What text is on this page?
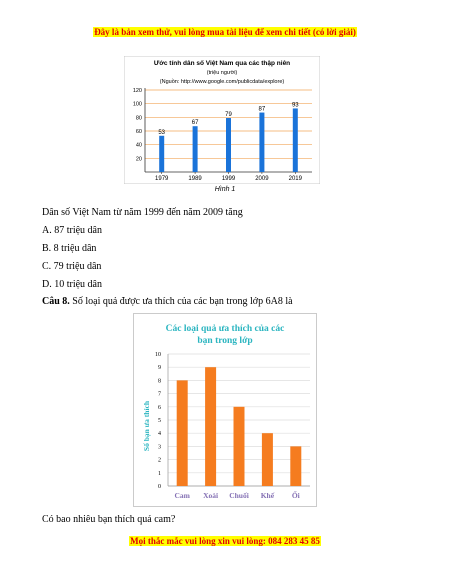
Đây là bản xem thử, vui lòng mua tài liệu để xem chi tiết (có lời giải)
Ước tính dân số Việt Nam qua các thập niên
(triệu người)
(Nguồn: http://www.google.com/publicdata/explore)
20
40
60
80
100
120
53
1979
67
1989
79
1999
87
2009
93
2019
Hình 1
Dân số Việt Nam từ năm 1999 đến năm 2009 tăng
A. 87 triệu dân
B. 8 triệu dân
C. 79 triệu dân
D. 10 triệu dân
Câu 8. Số loại quả được ưa thích của các bạn trong lớp 6A8 là
Các loại quả ưa thích của các
bạn trong lớp
Số bạn ưa thích
0
1
2
3
4
5
6
7
8
9
10
Cam Xoài Chuối Khế Ổi
Có bao nhiêu bạn thích quả cam?
Mọi thắc mắc vui lòng xin vui lòng: 084 283 45 85
